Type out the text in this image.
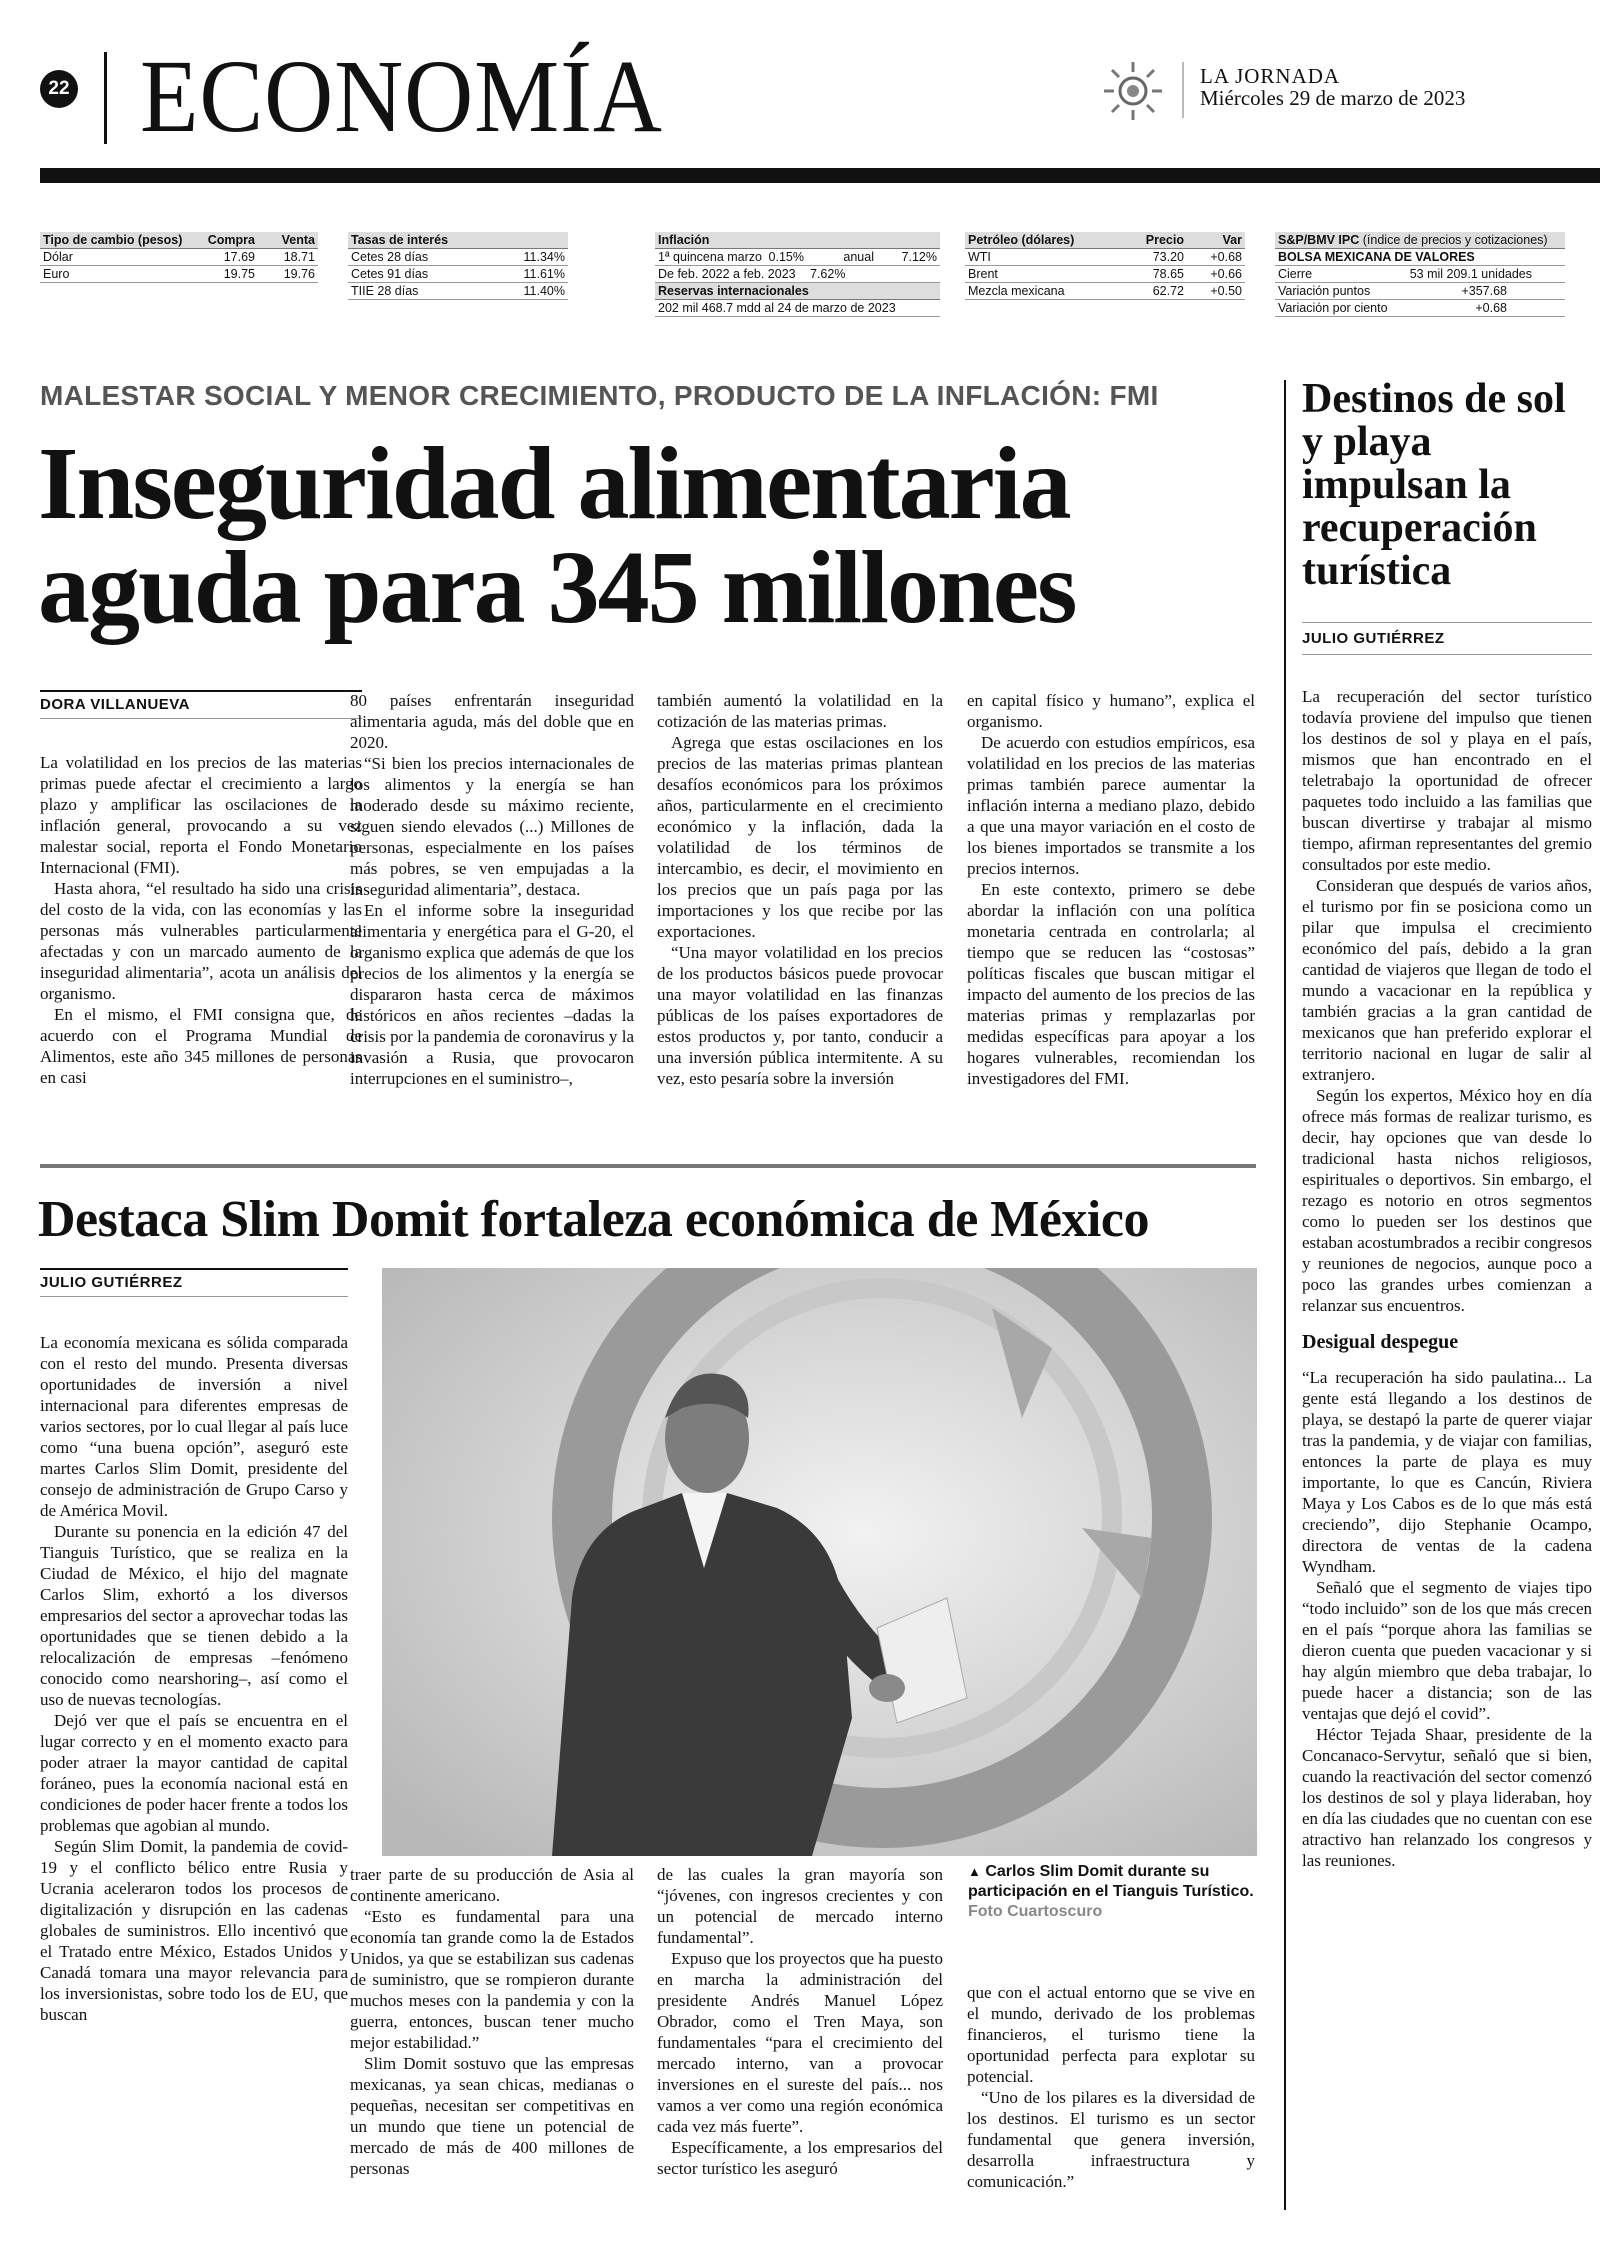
22 ECONOMÍA	LA JORNADA
Miércoles 29 de marzo de 2023
Tipo de cambio (pesos)	Compra	Venta
Dólar	17.69	18.71
Euro	19.75	19.76
Tasas de interés
Cetes 28 días	11.34%
Cetes 91 días	11.61%
TIIE 28 días	11.40%
Inflación
1ª quincena marzo 0.15%	anual	7.12%
De feb. 2022 a feb. 2023	7.62%
Reservas internacionales
202 mil 468.7 mdd al 24 de marzo de 2023
Petróleo (dólares)	Precio	Var
WTI	73.20	+0.68
Brent	78.65	+0.66
Mezcla mexicana	62.72	+0.50
S&P/BMV IPC (índice de precios y cotizaciones)
BOLSA MEXICANA DE VALORES
Cierre	53 mil 209.1 unidades
Variación puntos	+357.68
Variación por ciento	+0.68
MALESTAR SOCIAL Y MENOR CRECIMIENTO, PRODUCTO DE LA INFLACIÓN: FMI
Inseguridad alimentaria aguda para 345 millones
DORA VILLANUEVA

La volatilidad en los precios de las materias primas puede afectar el crecimiento a largo plazo y amplificar las oscilaciones de la inflación general, provocando a su vez malestar social, reporta el Fondo Monetario Internacional (FMI).

Hasta ahora, “el resultado ha sido una crisis del costo de la vida, con las economías y las personas más vulnerables particularmente afectadas y con un marcado aumento de la inseguridad alimentaria”, acota un análisis del organismo.

En el mismo, el FMI consigna que, de acuerdo con el Programa Mundial de Alimentos, este año 345 millones de personas en casi

80 países enfrentarán inseguridad alimentaria aguda, más del doble que en 2020.

“Si bien los precios internacionales de los alimentos y la energía se han moderado desde su máximo reciente, siguen siendo elevados (...) Millones de personas, especialmente en los países más pobres, se ven empujadas a la inseguridad alimentaria”, destaca.

En el informe sobre la inseguridad alimentaria y energética para el G-20, el organismo explica que además de que los precios de los alimentos y la energía se dispararon hasta cerca de máximos históricos en años recientes –dadas la crisis por la pandemia de coronavirus y la invasión a Rusia, que provocaron interrupciones en el suministro–,

también aumentó la volatilidad en la cotización de las materias primas.

Agrega que estas oscilaciones en los precios de las materias primas plantean desafíos económicos para los próximos años, particularmente en el crecimiento económico y la inflación, dada la volatilidad de los términos de intercambio, es decir, el movimiento en los precios que un país paga por las importaciones y los que recibe por las exportaciones.

“Una mayor volatilidad en los precios de los productos básicos puede provocar una mayor volatilidad en las finanzas públicas de los países exportadores de estos productos y, por tanto, conducir a una inversión pública intermitente. A su vez, esto pesaría sobre la inversión

en capital físico y humano”, explica el organismo.

De acuerdo con estudios empíricos, esa volatilidad en los precios de las materias primas también parece aumentar la inflación interna a mediano plazo, debido a que una mayor variación en el costo de los bienes importados se transmite a los precios internos.

En este contexto, primero se debe abordar la inflación con una política monetaria centrada en controlarla; al tiempo que se reducen las “costosas” políticas fiscales que buscan mitigar el impacto del aumento de los precios de las materias primas y remplazarlas por medidas específicas para apoyar a los hogares vulnerables, recomiendan los investigadores del FMI.

Destaca Slim Domit fortaleza económica de México
JULIO GUTIÉRREZ

La economía mexicana es sólida comparada con el resto del mundo. Presenta diversas oportunidades de inversión a nivel internacional para diferentes empresas de varios sectores, por lo cual llegar al país luce como “una buena opción”, aseguró este martes Carlos Slim Domit, presidente del consejo de administración de Grupo Carso y de América Movil.

Durante su ponencia en la edición 47 del Tianguis Turístico, que se realiza en la Ciudad de México, el hijo del magnate Carlos Slim, exhortó a los diversos empresarios del sector a aprovechar todas las oportunidades que se tienen debido a la relocalización de empresas –fenómeno conocido como nearshoring–, así como el uso de nuevas tecnologías.

Dejó ver que el país se encuentra en el lugar correcto y en el momento exacto para poder atraer la mayor cantidad de capital foráneo, pues la economía nacional está en condiciones de poder hacer frente a todos los problemas que agobian al mundo.

Según Slim Domit, la pandemia de covid-19 y el conflicto bélico entre Rusia y Ucrania aceleraron todos los procesos de digitalización y disrupción en las cadenas globales de suministros. Ello incentivó que el Tratado entre México, Estados Unidos y Canadá tomara una mayor relevancia para los inversionistas, sobre todo los de EU, que buscan

traer parte de su producción de Asia al continente americano.

“Esto es fundamental para una economía tan grande como la de Estados Unidos, ya que se estabilizan sus cadenas de suministro, que se rompieron durante muchos meses con la pandemia y con la guerra, entonces, buscan tener mucho mejor estabilidad.”

Slim Domit sostuvo que las empresas mexicanas, ya sean chicas, medianas o pequeñas, necesitan ser competitivas en un mundo que tiene un potencial de mercado de más de 400 millones de personas

de las cuales la gran mayoría son “jóvenes, con ingresos crecientes y con un potencial de mercado interno fundamental”.

Expuso que los proyectos que ha puesto en marcha la administración del presidente Andrés Manuel López Obrador, como el Tren Maya, son fundamentales “para el crecimiento del mercado interno, van a provocar inversiones en el sureste del país... nos vamos a ver como una región económica cada vez más fuerte”.

Específicamente, a los empresarios del sector turístico les aseguró

▲ Carlos Slim Domit durante su participación en el Tianguis Turístico. Foto Cuartoscuro

que con el actual entorno que se vive en el mundo, derivado de los problemas financieros, el turismo tiene la oportunidad perfecta para explotar su potencial.

“Uno de los pilares es la diversidad de los destinos. El turismo es un sector fundamental que genera inversión, desarrolla infraestructura y comunicación.”

Destinos de sol y playa impulsan la recuperación turística
JULIO GUTIÉRREZ

La recuperación del sector turístico todavía proviene del impulso que tienen los destinos de sol y playa en el país, mismos que han encontrado en el teletrabajo la oportunidad de ofrecer paquetes todo incluido a las familias que buscan divertirse y trabajar al mismo tiempo, afirman representantes del gremio consultados por este medio.

Consideran que después de varios años, el turismo por fin se posiciona como un pilar que impulsa el crecimiento económico del país, debido a la gran cantidad de viajeros que llegan de todo el mundo a vacacionar en la república y también gracias a la gran cantidad de mexicanos que han preferido explorar el territorio nacional en lugar de salir al extranjero.

Según los expertos, México hoy en día ofrece más formas de realizar turismo, es decir, hay opciones que van desde lo tradicional hasta nichos religiosos, espirituales o deportivos. Sin embargo, el rezago es notorio en otros segmentos como lo pueden ser los destinos que estaban acostumbrados a recibir congresos y reuniones de negocios, aunque poco a poco las grandes urbes comienzan a relanzar sus encuentros.

Desigual despegue

“La recuperación ha sido paulatina... La gente está llegando a los destinos de playa, se destapó la parte de querer viajar tras la pandemia, y de viajar con familias, entonces la parte de playa es muy importante, lo que es Cancún, Riviera Maya y Los Cabos es de lo que más está creciendo”, dijo Stephanie Ocampo, directora de ventas de la cadena Wyndham.

Señaló que el segmento de viajes tipo “todo incluido” son de los que más crecen en el país “porque ahora las familias se dieron cuenta que pueden vacacionar y si hay algún miembro que deba trabajar, lo puede hacer a distancia; son de las ventajas que dejó el covid”.

Héctor Tejada Shaar, presidente de la Concanaco-Servytur, señaló que si bien, cuando la reactivación del sector comenzó los destinos de sol y playa lideraban, hoy en día las ciudades que no cuentan con ese atractivo han relanzado los congresos y las reuniones.
